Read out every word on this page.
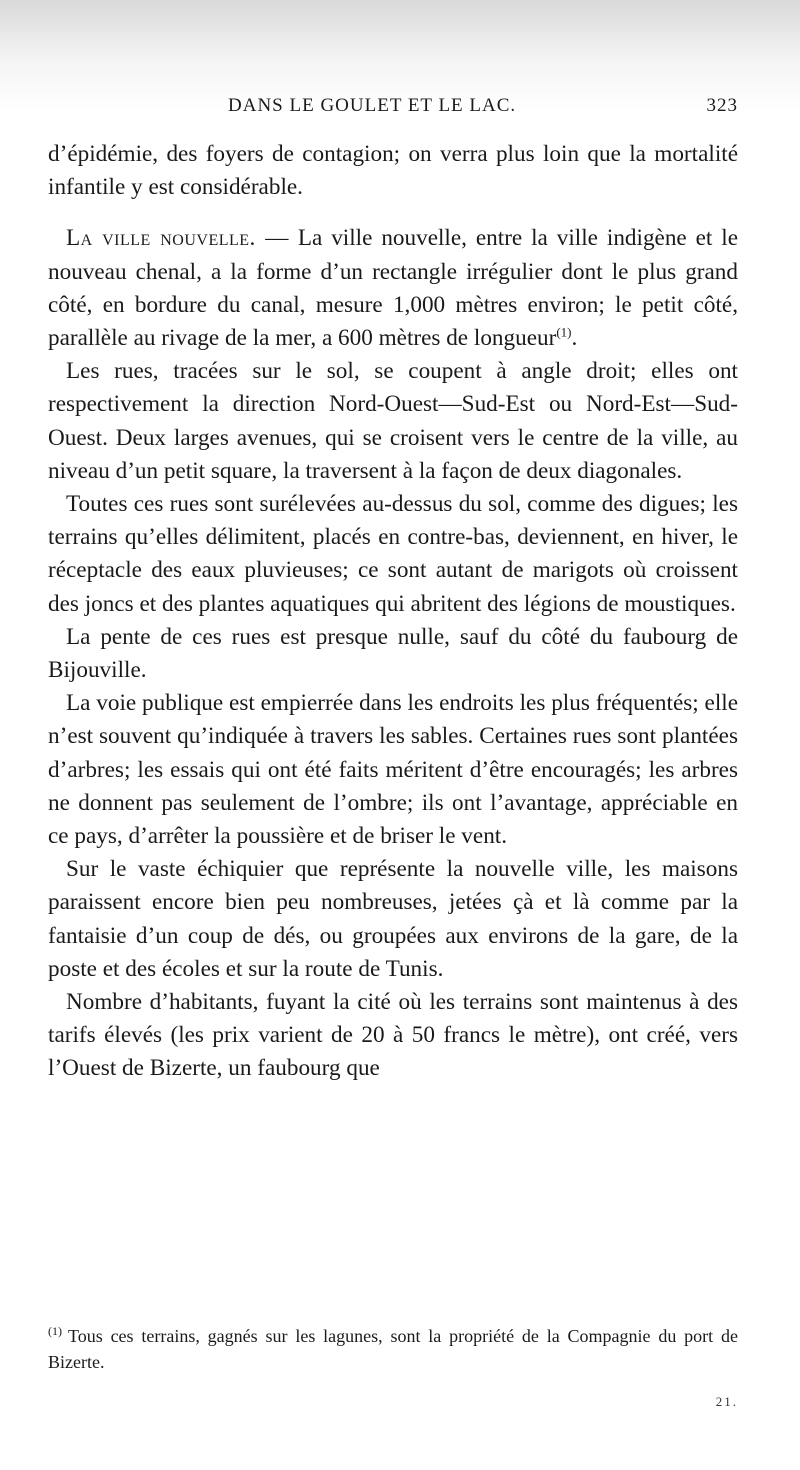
DANS LE GOULET ET LE LAC.	323

d’épidémie, des foyers de contagion; on verra plus loin que la mortalité infantile y est considérable.

La ville nouvelle. — La ville nouvelle, entre la ville indigène et le nouveau chenal, a la forme d’un rectangle irrégulier dont le plus grand côté, en bordure du canal, mesure 1,000 mètres environ; le petit côté, parallèle au rivage de la mer, a 600 mètres de longueur$^{(1)}$.

Les rues, tracées sur le sol, se coupent à angle droit; elles ont respectivement la direction Nord-Ouest—Sud-Est ou Nord-Est—Sud-Ouest. Deux larges avenues, qui se croisent vers le centre de la ville, au niveau d’un petit square, la traversent à la façon de deux diagonales.

Toutes ces rues sont surélevées au-dessus du sol, comme des digues; les terrains qu’elles délimitent, placés en contre-bas, deviennent, en hiver, le réceptacle des eaux pluvieuses; ce sont autant de marigots où croissent des joncs et des plantes aquatiques qui abritent des légions de moustiques.

La pente de ces rues est presque nulle, sauf du côté du faubourg de Bijouville.

La voie publique est empierrée dans les endroits les plus fréquentés; elle n’est souvent qu’indiquée à travers les sables. Certaines rues sont plantées d’arbres; les essais qui ont été faits méritent d’être encouragés; les arbres ne donnent pas seulement de l’ombre; ils ont l’avantage, appréciable en ce pays, d’arrêter la poussière et de briser le vent.

Sur le vaste échiquier que représente la nouvelle ville, les maisons paraissent encore bien peu nombreuses, jetées çà et là comme par la fantaisie d’un coup de dés, ou groupées aux environs de la gare, de la poste et des écoles et sur la route de Tunis.

Nombre d’habitants, fuyant la cité où les terrains sont maintenus à des tarifs élevés (les prix varient de 20 à 50 francs le mètre), ont créé, vers l’Ouest de Bizerte, un faubourg que

$^{(1)}$ Tous ces terrains, gagnés sur les lagunes, sont la propriété de la Compagnie du port de Bizerte.
21.
